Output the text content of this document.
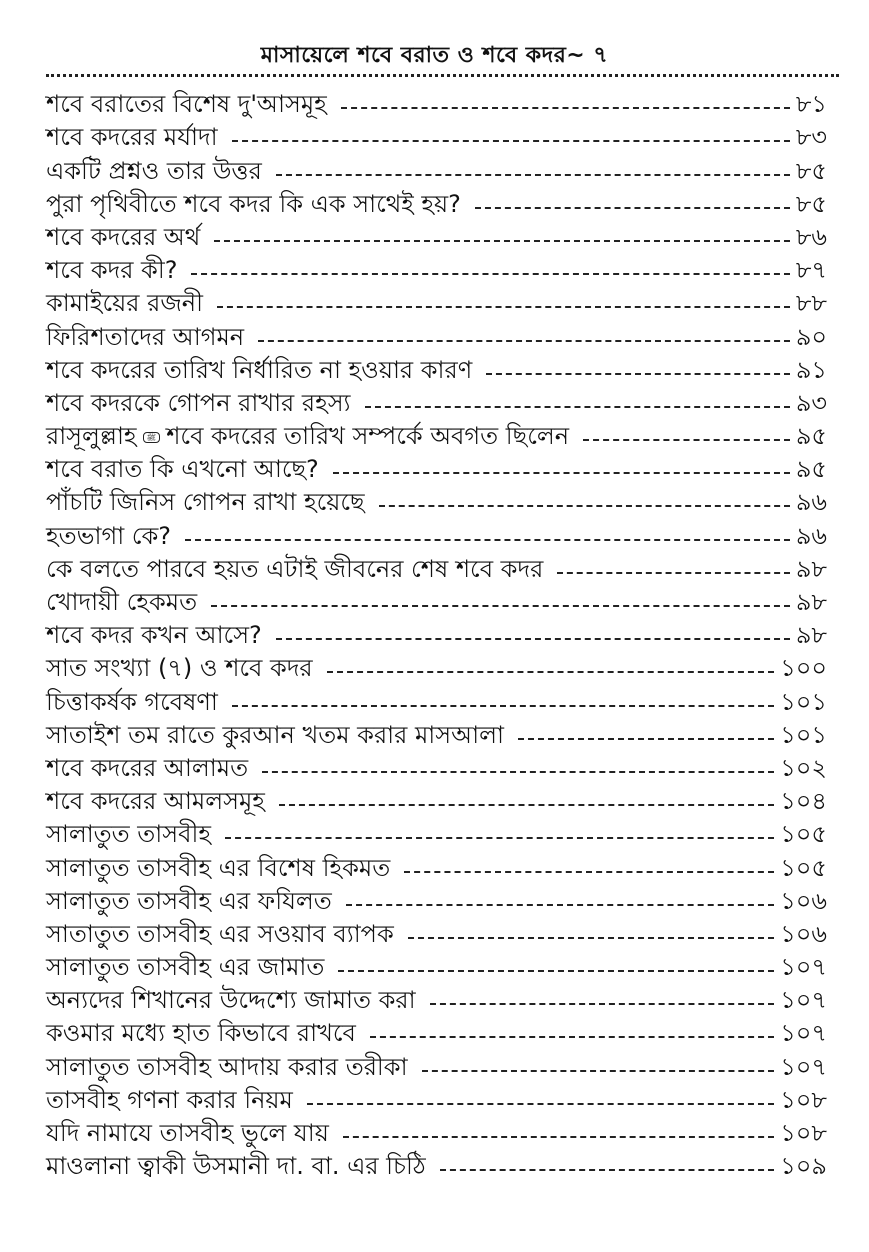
মাসায়েলে শবে বরাত ও শবে কদর~ ৭
শবে বরাতের বিশেষ দু'আসমূহ	৮১
শবে কদরের মর্যাদা	৮৩
একটি প্রশ্নও তার উত্তর	৮৫
পুরা পৃথিবীতে শবে কদর কি এক সাথেই হয়?	৮৫
শবে কদরের অর্থ	৮৬
শবে কদর কী?	৮৭
কামাইয়ের রজনী	৮৮
ফিরিশতাদের আগমন	৯০
শবে কদরের তারিখ নির্ধারিত না হওয়ার কারণ	৯১
শবে কদরকে গোপন রাখার রহস্য	৯৩
রাসূলুল্লাহ ﷺ শবে কদরের তারিখ সম্পর্কে অবগত ছিলেন	৯৫
শবে বরাত কি এখনো আছে?	৯৫
পাঁচটি জিনিস গোপন রাখা হয়েছে	৯৬
হতভাগা কে?	৯৬
কে বলতে পারবে হয়ত এটাই জীবনের শেষ শবে কদর	৯৮
খোদায়ী হেকমত	৯৮
শবে কদর কখন আসে?	৯৮
সাত সংখ্যা (৭) ও শবে কদর	১০০
চিত্তাকর্ষক গবেষণা	১০১
সাতাইশ তম রাতে কুরআন খতম করার মাসআলা	১০১
শবে কদরের আলামত	১০২
শবে কদরের আমলসমূহ	১০৪
সালাতুত তাসবীহ	১০৫
সালাতুত তাসবীহ এর বিশেষ হিকমত	১০৫
সালাতুত তাসবীহ এর ফযিলত	১০৬
সাতাতুত তাসবীহ এর সওয়াব ব্যাপক	১০৬
সালাতুত তাসবীহ এর জামাত	১০৭
অন্যদের শিখানের উদ্দেশ্যে জামাত করা	১০৭
কওমার মধ্যে হাত কিভাবে রাখবে	১০৭
সালাতুত তাসবীহ আদায় করার তরীকা	১০৭
তাসবীহ গণনা করার নিয়ম	১০৮
যদি নামাযে তাসবীহ ভুলে যায়	১০৮
মাওলানা ত্বাকী উসমানী দা. বা. এর চিঠি	১০৯
